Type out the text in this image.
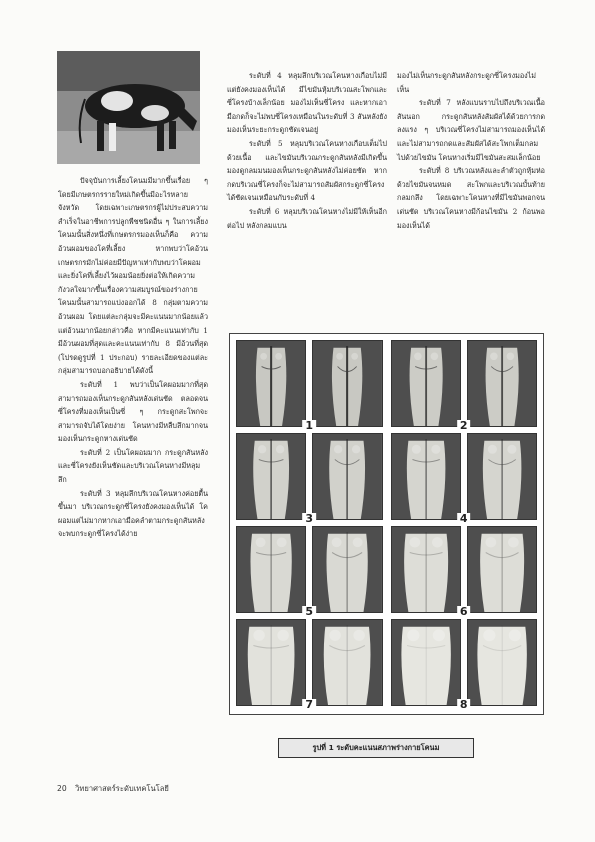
ปัจจุบันการเลี้ยงโคนมมีมากขึ้นเรื่อย ๆ โดยมีเกษตรกรรายใหม่เกิดขึ้นมีอะไรหลายจังหวัด โดยเฉพาะเกษตรกรผู้ไม่ประสบความสำเร็จในอาชีพการปลูกพืชชนิดอื่น ๆ ในการเลี้ยงโคนมนั้นสิ่งหนึ่งที่เกษตรกรมองเห็นก็คือ ความอ้วนผอมของโคที่เลี้ยง หากพบว่าโคอ้วนเกษตรกรมักไม่ค่อยมีปัญหาเท่ากับพบว่าโคผอม และยิ่งโคที่เลี้ยงไว้ผอมน้อยยิ่งต่อให้เกิดความกังวลใจมากขึ้นเรื่องความสมบูรณ์ของร่างกายโคนมนั้นสามารถแบ่งออกได้ 8 กลุ่มตามความอ้วนผอม โดยแต่ละกลุ่มจะมีคะแนนมากน้อยแล้วแต่อ้วนมากน้อยกล่าวคือ หากมีคะแนนเท่ากับ 1 มีอ้วนผอมที่สุดและคะแนนเท่ากับ 8 มีอ้วนที่สุด (โปรดดูรูปที่ 1 ประกอบ) รายละเอียดของแต่ละกลุ่มสามารถบอกอธิบายได้ดังนี้

ระดับที่ 1 พบว่าเป็นโคผอมมากที่สุด สามารถมองเห็นกระดูกสันหลังเด่นชัด ตลอดจนซี่โครงที่มองเห็นเป็นซี่ ๆ กระดูกสะโพกจะสามารถจับได้โดยง่าย โคนหางมีหลืบลึกมากจนมองเห็นกระดูกหางเด่นชัด

ระดับที่ 2 เป็นโคผอมมาก กระดูกสันหลังและซี่โครงยังเห็นชัดและบริเวณโคนหางมีหลุมลึก

ระดับที่ 3 หลุมลึกบริเวณโคนหางค่อยตื้นขึ้นมา บริเวณกระดูกซี่โครงยังคงมองเห็นได้ โคผอมแต่ไม่มากหากเอามือคลำตามกระดูกสันหลังจะพบกระดูกซี่โครงได้ง่าย

ระดับที่ 4 หลุมลึกบริเวณโคนหางเกือบไม่มีแต่ยังคงมองเห็นได้ มีไขมันหุ้มบริเวณสะโพกและซี่โครงบ้างเล็กน้อย มองไม่เห็นซี่โครง และหากเอามือกดก็จะไม่พบซี่โครงเหมือนในระดับที่ 3 สันหลังยังมองเห็นระยะกระดูกชัดเจนอยู่

ระดับที่ 5 หลุมบริเวณโคนหางเกือบเต็มไปด้วยเนื้อ และไขมันบริเวณกระดูกสันหลังมีเกิดขึ้นมองดูกลมมนมองเห็นกระดูกสันหลังไม่ค่อยชัด หากกดบริเวณซี่โครงก็จะไม่สามารถสัมผัสกระดูกซี่โครงได้ชัดเจนเหมือนกับระดับที่ 4

ระดับที่ 6 หลุมบริเวณโคนหางไม่มีให้เห็นอีกต่อไป หลังกลมแบน

มองไม่เห็นกระดูกสันหลังกระดูกซี่โครงมองไม่เห็น

ระดับที่ 7 หลังแบนราบไปถึงบริเวณเนื้อสันนอก กระดูกสันหลังสัมผัสได้ด้วยการกดลงแรง ๆ บริเวณซี่โครงไม่สามารถมองเห็นได้ และไม่สามารถกดและสัมผัสได้สะโพกเต็มกลมไปด้วยไขมัน โคนหางเริ่มมีไขมันสะสมเล็กน้อย

ระดับที่ 8 บริเวณหลังและลำตัวถูกหุ้มห่อด้วยไขมันจนหมด สะโพกและบริเวณบั้นท้ายกลมกลึง โดยเฉพาะโคนหางที่มีไขมันพอกจนเด่นชัด บริเวณโคนหางมีก้อนไขมัน 2 ก้อนพอมองเห็นได้

1	2
3	4
5	6
7	8
รูปที่ 1 ระดับคะแนนสภาพร่างกายโคนม
20 วิทยาศาสตร์ระดับเทคโนโลยี
